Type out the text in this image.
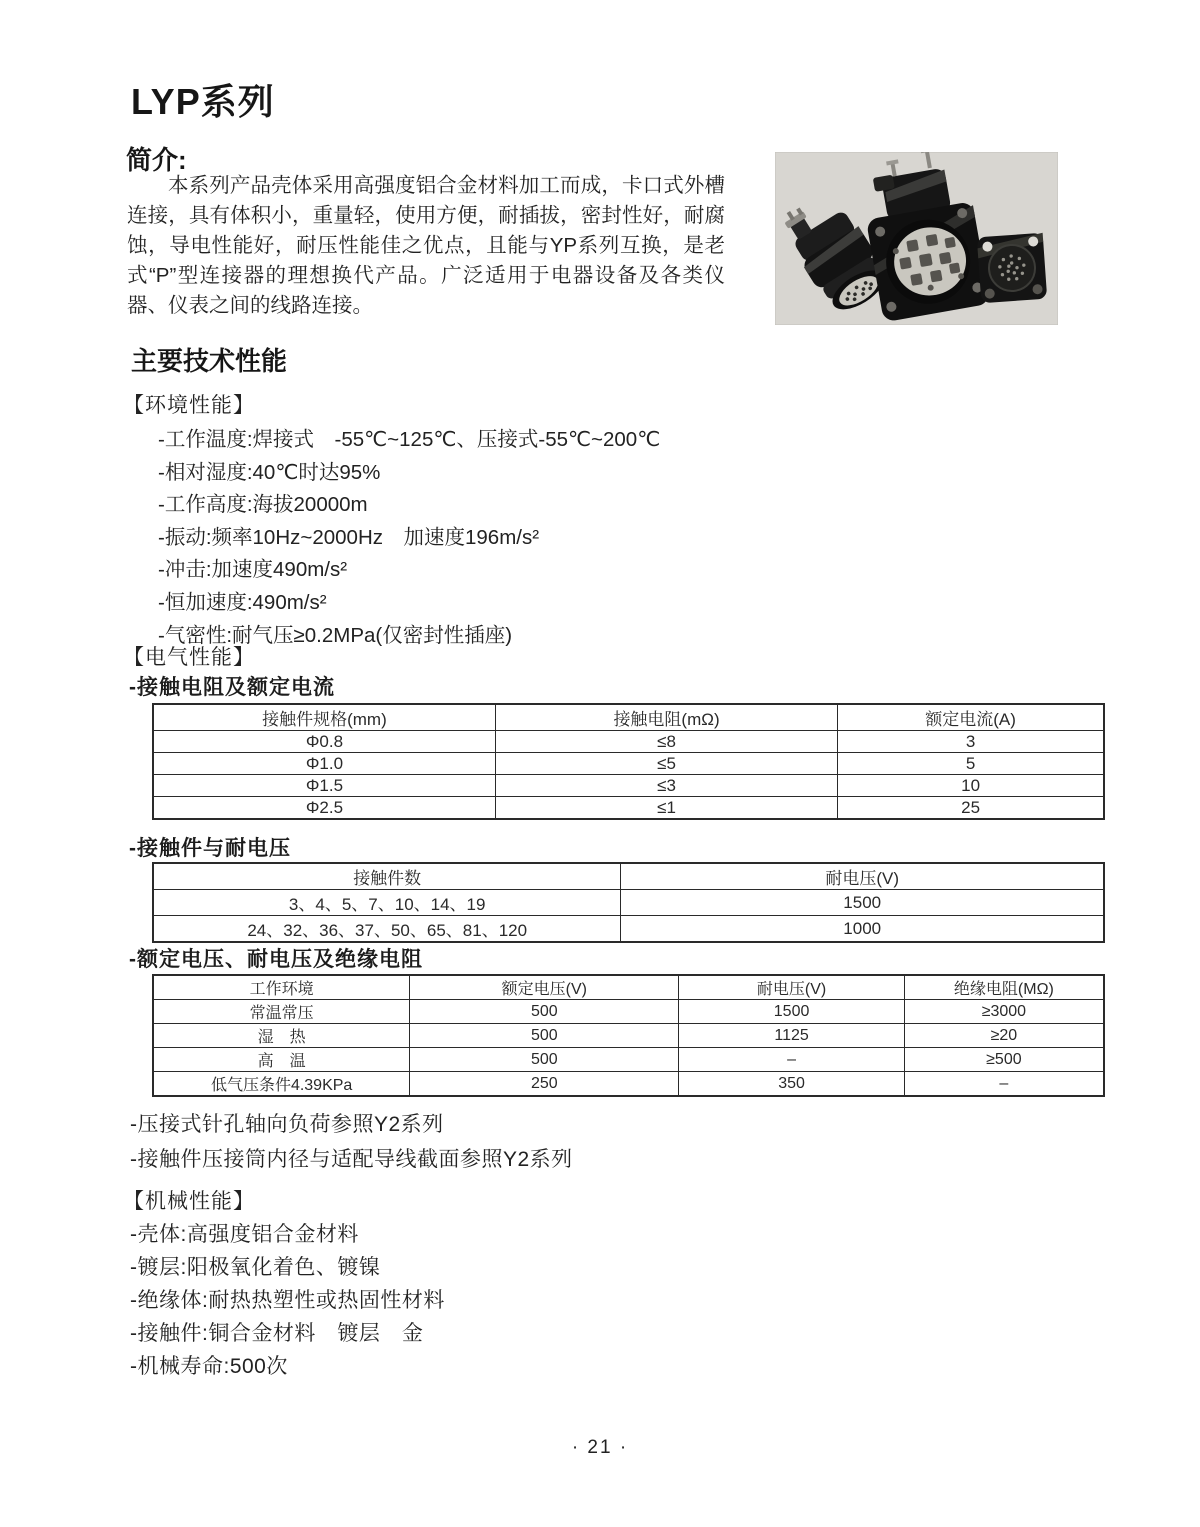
LYP系列
简介:
本系列产品壳体采用高强度铝合金材料加工而成，卡口式外槽连接，具有体积小，重量轻，使用方便，耐插拔，密封性好，耐腐蚀，导电性能好，耐压性能佳之优点，且能与YP系列互换，是老式“P”型连接器的理想换代产品。广泛适用于电器设备及各类仪器、仪表之间的线路连接。
主要技术性能
【环境性能】
-工作温度:焊接式　-55℃~125℃、压接式-55℃~200℃
-相对湿度:40℃时达95%
-工作高度:海拔20000m
-振动:频率10Hz~2000Hz　加速度196m/s²
-冲击:加速度490m/s²
-恒加速度:490m/s²
-气密性:耐气压≥0.2MPa(仅密封性插座)
【电气性能】
-接触电阻及额定电流
接触件规格(mm)	接触电阻(mΩ)	额定电流(A)
Φ0.8	≤8	3
Φ1.0	≤5	5
Φ1.5	≤3	10
Φ2.5	≤1	25
-接触件与耐电压
接触件数	耐电压(V)
3、4、5、7、10、14、19	1500
24、32、36、37、50、65、81、120	1000
-额定电压、耐电压及绝缘电阻
工作环境	额定电压(V)	耐电压(V)	绝缘电阻(MΩ)
常温常压	500	1500	≥3000
湿　热	500	1125	≥20
高　温	500	–	≥500
低气压条件4.39KPa	250	350	–
-压接式针孔轴向负荷参照Y2系列
-接触件压接筒内径与适配导线截面参照Y2系列
【机械性能】
-壳体:高强度铝合金材料
-镀层:阳极氧化着色、镀镍
-绝缘体:耐热热塑性或热固性材料
-接触件:铜合金材料　镀层　金
-机械寿命:500次
· 21 ·
